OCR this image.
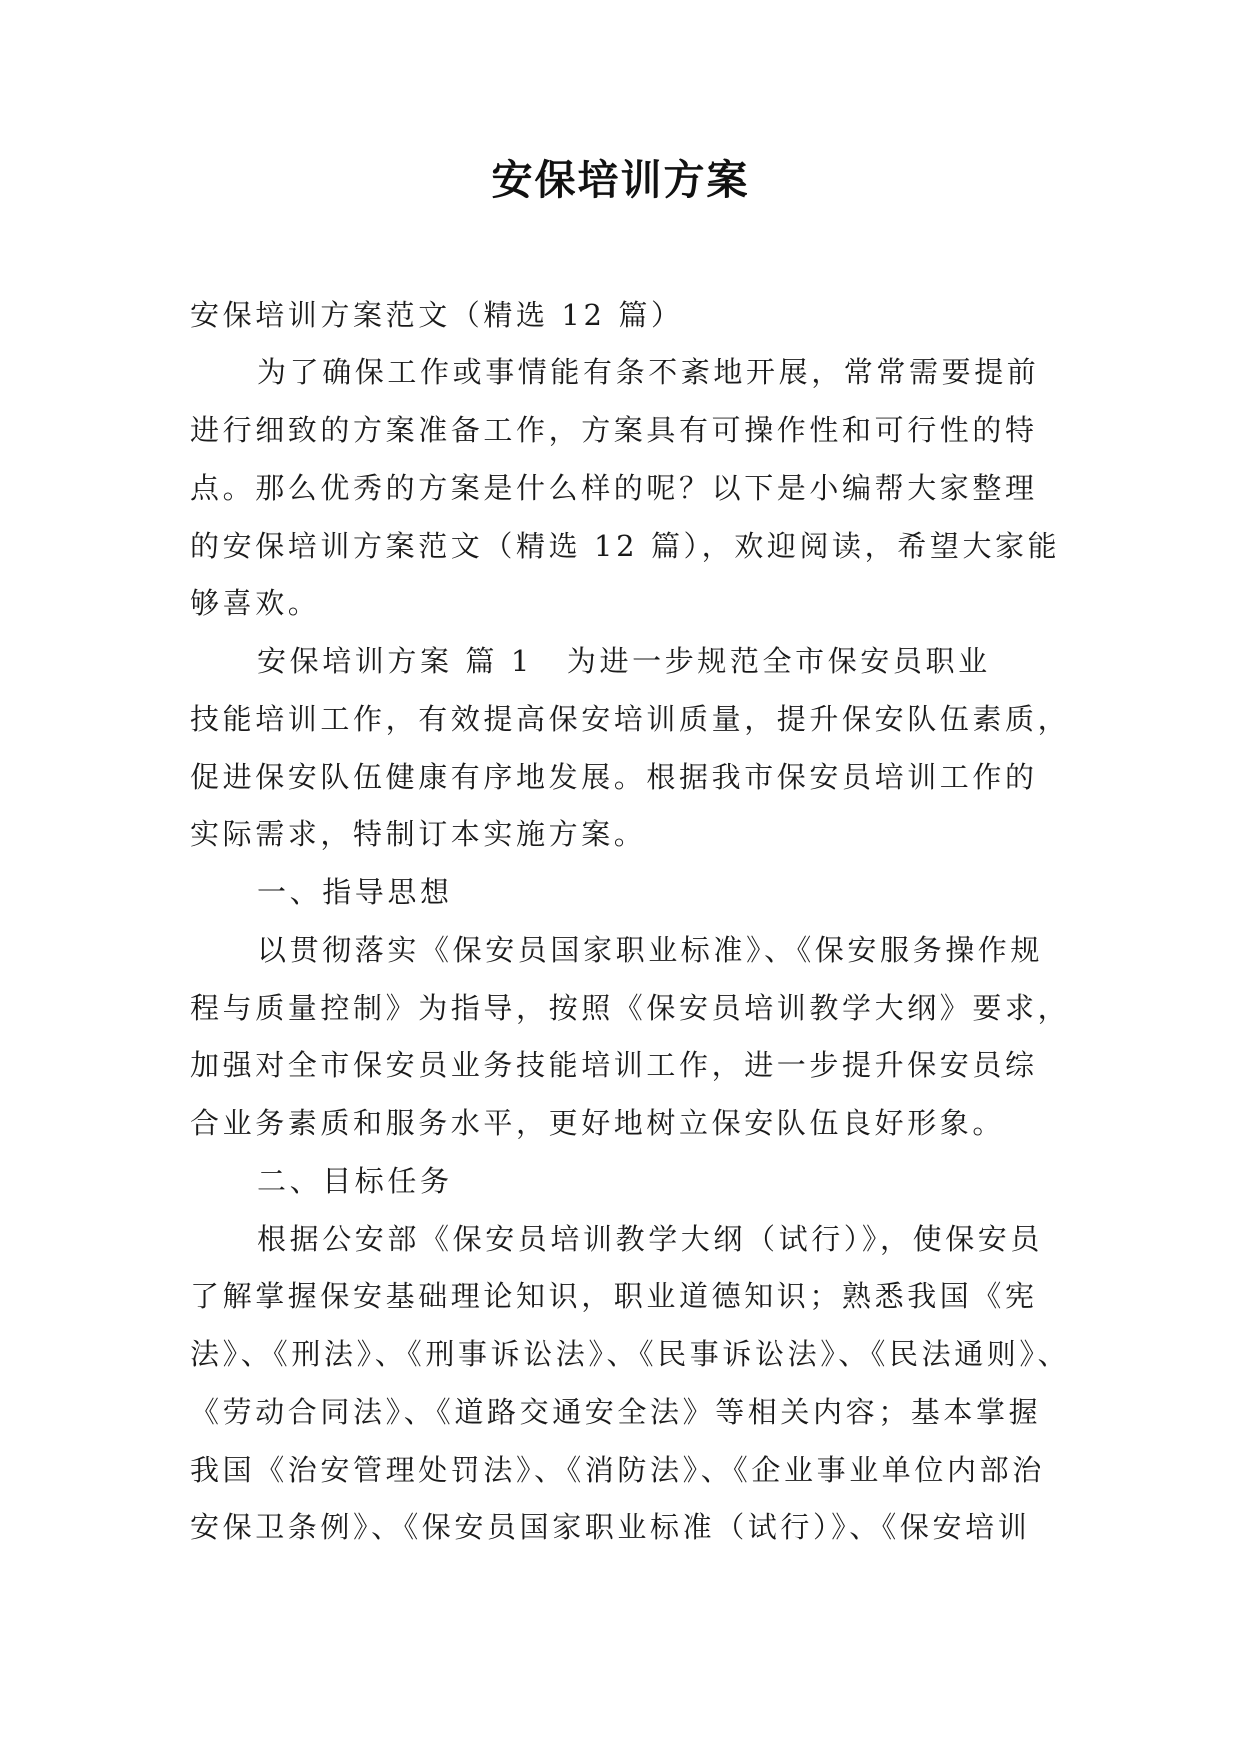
安保培训方案

安保培训方案范文（精选 12 篇）

为了确保工作或事情能有条不紊地开展，常常需要提前

进行细致的方案准备工作，方案具有可操作性和可行性的特

点。那么优秀的方案是什么样的呢？以下是小编帮大家整理

的安保培训方案范文（精选 12 篇），欢迎阅读，希望大家能

够喜欢。

安保培训方案 篇 1 为进一步规范全市保安员职业

技能培训工作，有效提高保安培训质量，提升保安队伍素质，

促进保安队伍健康有序地发展。根据我市保安员培训工作的

实际需求，特制订本实施方案。

一、指导思想

以贯彻落实《保安员国家职业标准》、《保安服务操作规

程与质量控制》为指导，按照《保安员培训教学大纲》要求，

加强对全市保安员业务技能培训工作，进一步提升保安员综

合业务素质和服务水平，更好地树立保安队伍良好形象。

二、目标任务

根据公安部《保安员培训教学大纲（试行）》，使保安员

了解掌握保安基础理论知识，职业道德知识；熟悉我国《宪

法》、《刑法》、《刑事诉讼法》、《民事诉讼法》、《民法通则》、

《劳动合同法》、《道路交通安全法》等相关内容；基本掌握

我国《治安管理处罚法》、《消防法》、《企业事业单位内部治

安保卫条例》、《保安员国家职业标准（试行）》、《保安培训
